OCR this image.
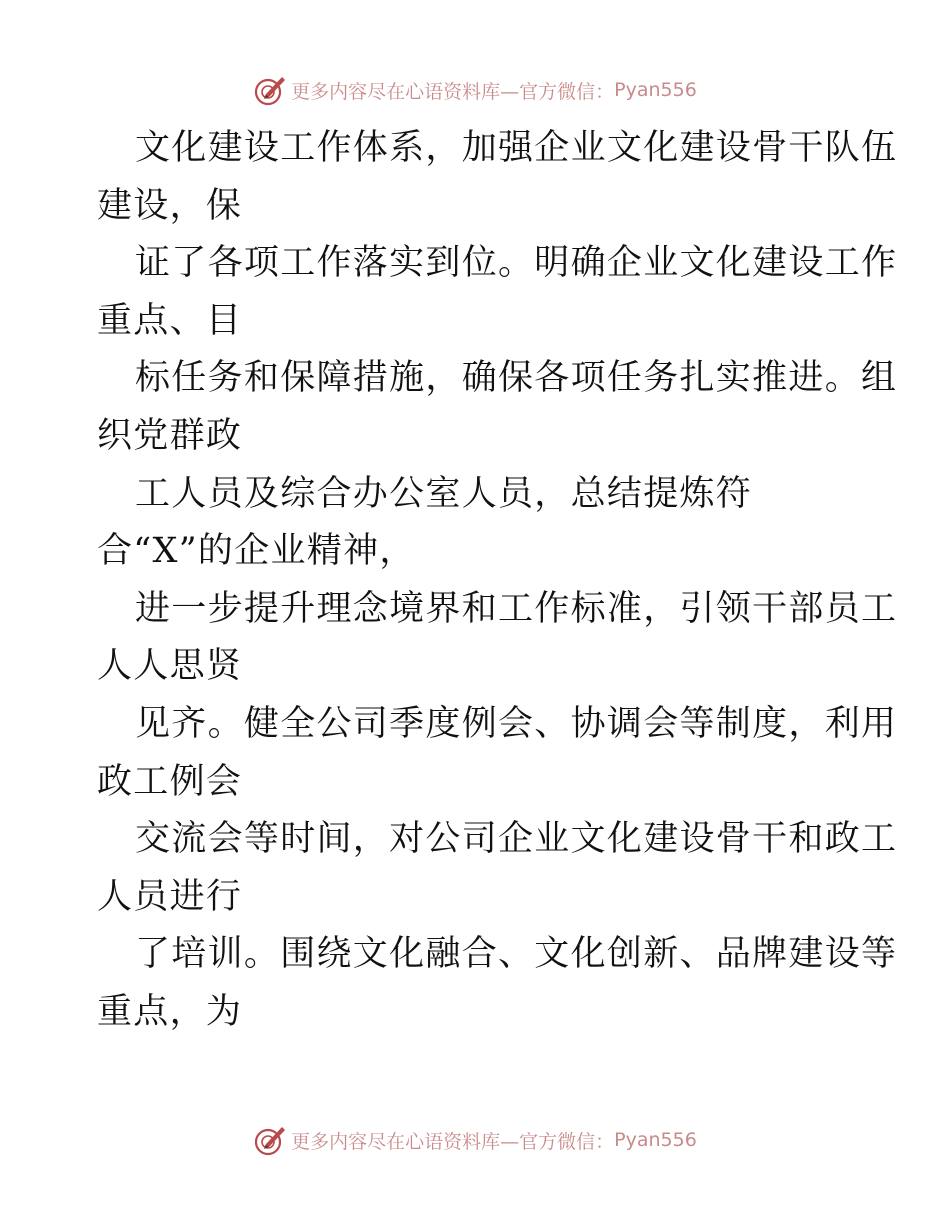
更多内容尽在心语资料库—官方微信： Pyan556
文化建设工作体系，加强企业文化建设骨干队伍
建设，保
证了各项工作落实到位。明确企业文化建设工作
重点、目
标任务和保障措施，确保各项任务扎实推进。组
织党群政
工人员及综合办公室人员，总结提炼符
合“X”的企业精神，
进一步提升理念境界和工作标准，引领干部员工
人人思贤
见齐。健全公司季度例会、协调会等制度，利用
政工例会
交流会等时间，对公司企业文化建设骨干和政工
人员进行
了培训。围绕文化融合、文化创新、品牌建设等
重点，为
更多内容尽在心语资料库—官方微信： Pyan556
